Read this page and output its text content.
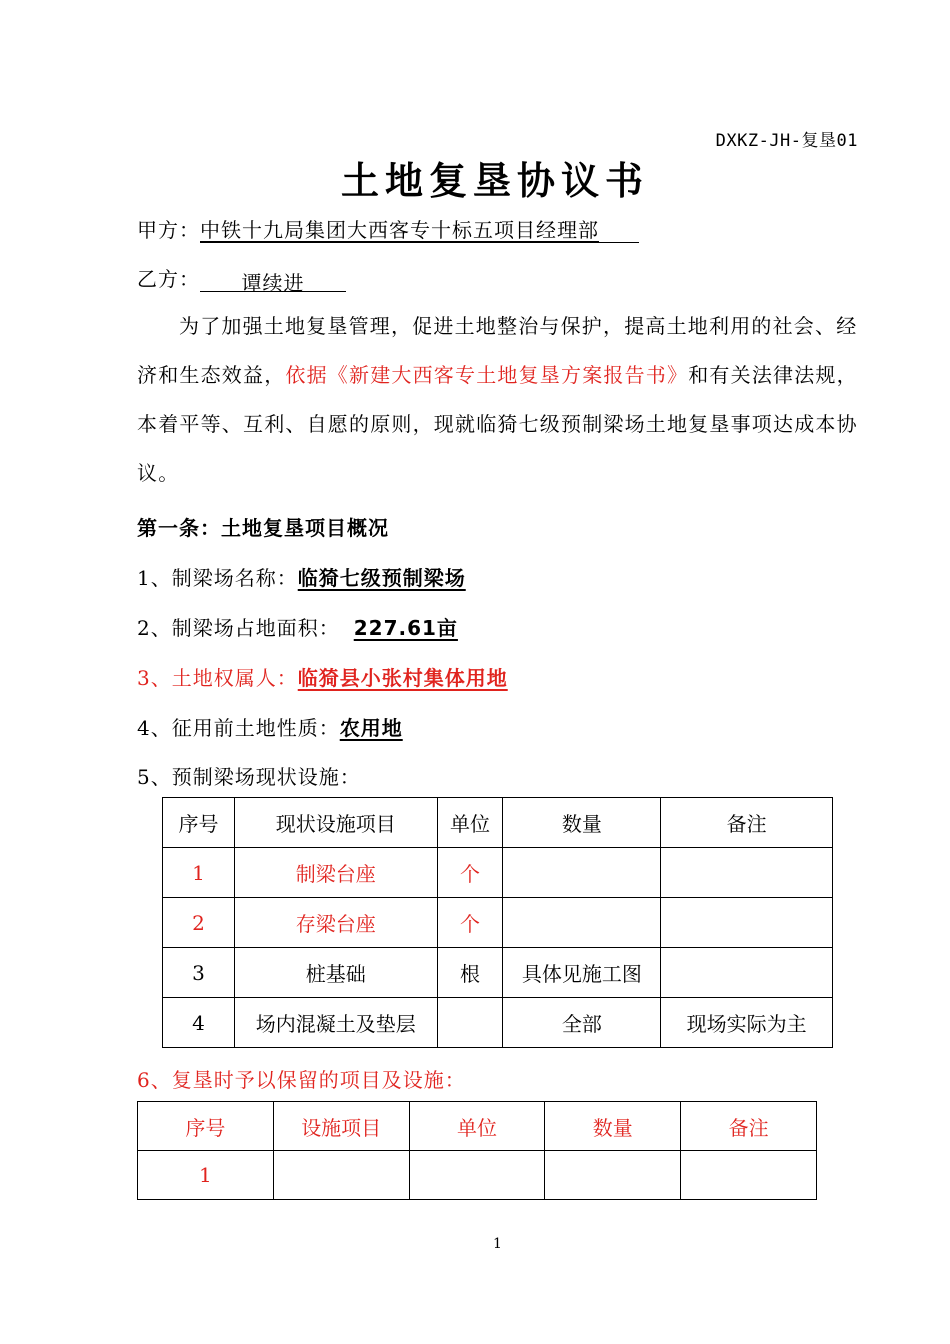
DXKZ-JH-复垦01
土地复垦协议书
甲方：中铁十九局集团大西客专十标五项目经理部
乙方： 谭续进
为了加强土地复垦管理，促进土地整治与保护，提高土地利用的社会、经济和生态效益，依据《新建大西客专土地复垦方案报告书》和有关法律法规，本着平等、互利、自愿的原则，现就临猗七级预制梁场土地复垦事项达成本协议。
第一条：土地复垦项目概况
1、制梁场名称：临猗七级预制梁场
2、制梁场占地面积： 227.61亩
3、土地权属人：临猗县小张村集体用地
4、征用前土地性质：农用地
5、预制梁场现状设施：
序号	现状设施项目	单位	数量	备注
1	制梁台座	个		
2	存梁台座	个		
3	桩基础	根	具体见施工图	
4	场内混凝土及垫层		全部	现场实际为主
6、复垦时予以保留的项目及设施：
序号	设施项目	单位	数量	备注
1				
1
